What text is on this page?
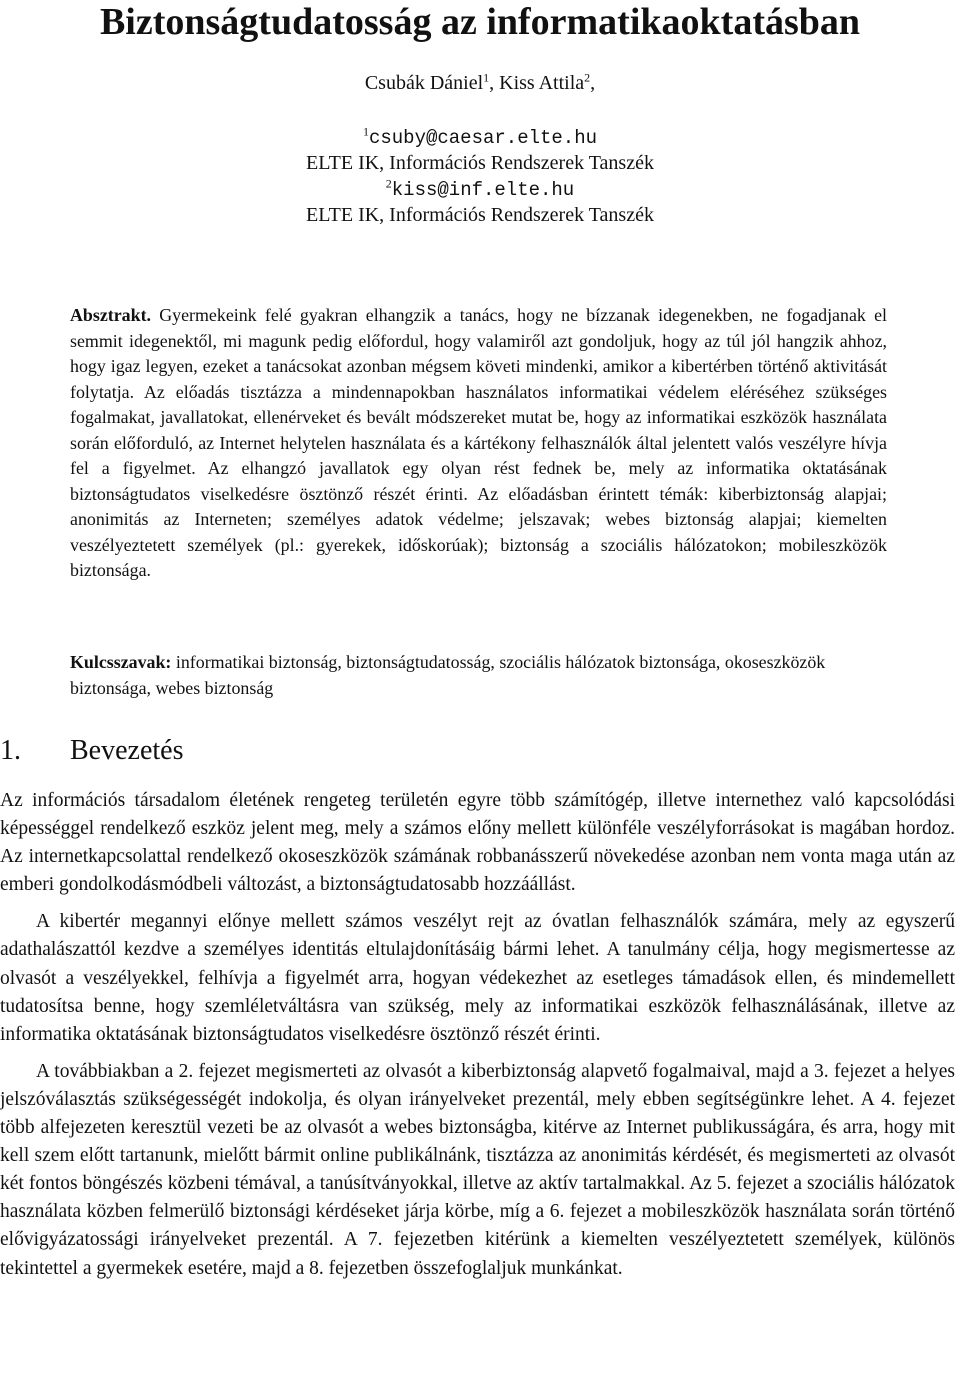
Biztonságtudatosság az informatikaoktatásban
Csubák Dániel$^1$, Kiss Attila$^2$,
$^1$csuby@caesar.elte.hu
ELTE IK, Információs Rendszerek Tanszék
$^2$kiss@inf.elte.hu
ELTE IK, Információs Rendszerek Tanszék

Absztrakt. Gyermekeink felé gyakran elhangzik a tanács, hogy ne bízzanak idegenekben, ne fogadjanak el semmit idegenektől, mi magunk pedig előfordul, hogy valamiről azt gondoljuk, hogy az túl jól hangzik ahhoz, hogy igaz legyen, ezeket a tanácsokat azonban mégsem követi mindenki, amikor a kibertérben történő aktivitását folytatja. Az előadás tisztázza a mindennapokban használatos informatikai védelem eléréséhez szükséges fogalmakat, javallatokat, ellenérveket és bevált módszereket mutat be, hogy az informatikai eszközök használata során előforduló, az Internet helytelen használata és a kártékony felhasználók által jelentett valós veszélyre hívja fel a figyelmet. Az elhangzó javallatok egy olyan rést fednek be, mely az informatika oktatásának biztonságtudatos viselkedésre ösztönző részét érinti. Az előadásban érintett témák: kiberbiztonság alapjai; anonimitás az Interneten; személyes adatok védelme; jelszavak; webes biztonság alapjai; kiemelten veszélyeztetett személyek (pl.: gyerekek, időskorúak); biztonság a szociális hálózatokon; mobileszközök biztonsága.

Kulcsszavak: informatikai biztonság, biztonságtudatosság, szociális hálózatok biztonsága, okoseszközök biztonsága, webes biztonság

1. Bevezetés

Az információs társadalom életének rengeteg területén egyre több számítógép, illetve internethez való kapcsolódási képességgel rendelkező eszköz jelent meg, mely a számos előny mellett különféle veszélyforrásokat is magában hordoz. Az internetkapcsolattal rendelkező okoseszközök számának robbanásszerű növekedése azonban nem vonta maga után az emberi gondolkodásmódbeli változást, a biztonságtudatosabb hozzáállást.

A kibertér megannyi előnye mellett számos veszélyt rejt az óvatlan felhasználók számára, mely az egyszerű adathalászattól kezdve a személyes identitás eltulajdonításáig bármi lehet. A tanulmány célja, hogy megismertesse az olvasót a veszélyekkel, felhívja a figyelmét arra, hogyan védekezhet az esetleges támadások ellen, és mindemellett tudatosítsa benne, hogy szemléletváltásra van szükség, mely az informatikai eszközök felhasználásának, illetve az informatika oktatásának biztonságtudatos viselkedésre ösztönző részét érinti.

A továbbiakban a 2. fejezet megismerteti az olvasót a kiberbiztonság alapvető fogalmaival, majd a 3. fejezet a helyes jelszóválasztás szükségességét indokolja, és olyan irányelveket prezentál, mely ebben segítségünkre lehet. A 4. fejezet több alfejezeten keresztül vezeti be az olvasót a webes biztonságba, kitérve az Internet publikusságára, és arra, hogy mit kell szem előtt tartanunk, mielőtt bármit online publikálnánk, tisztázza az anonimitás kérdését, és megismerteti az olvasót két fontos böngészés közbeni témával, a tanúsítványokkal, illetve az aktív tartalmakkal. Az 5. fejezet a szociális hálózatok használata közben felmerülő biztonsági kérdéseket járja körbe, míg a 6. fejezet a mobileszközök használata során történő elővigyázatossági irányelveket prezentál. A 7. fejezetben kitérünk a kiemelten veszélyeztetett személyek, különös tekintettel a gyermekek esetére, majd a 8. fejezetben összefoglaljuk munkánkat.
